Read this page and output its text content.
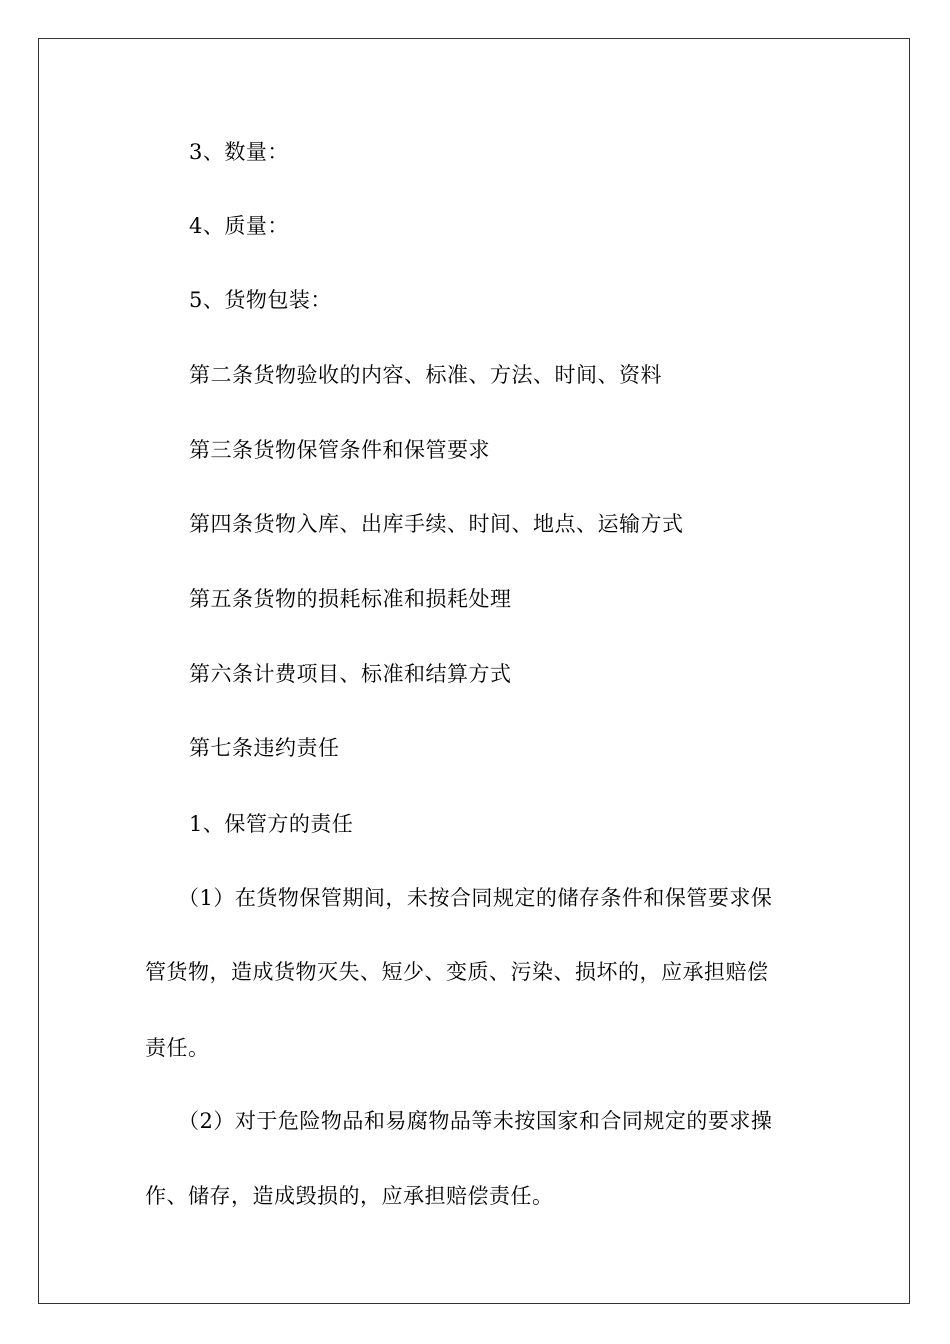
3、数量：
4、质量：
5、货物包装：
第二条货物验收的内容、标准、方法、时间、资料
第三条货物保管条件和保管要求
第四条货物入库、出库手续、时间、地点、运输方式
第五条货物的损耗标准和损耗处理
第六条计费项目、标准和结算方式
第七条违约责任
1、保管方的责任
（1）在货物保管期间，未按合同规定的储存条件和保管要求保
管货物，造成货物灭失、短少、变质、污染、损坏的，应承担赔偿
责任。
（2）对于危险物品和易腐物品等未按国家和合同规定的要求操
作、储存，造成毁损的，应承担赔偿责任。
